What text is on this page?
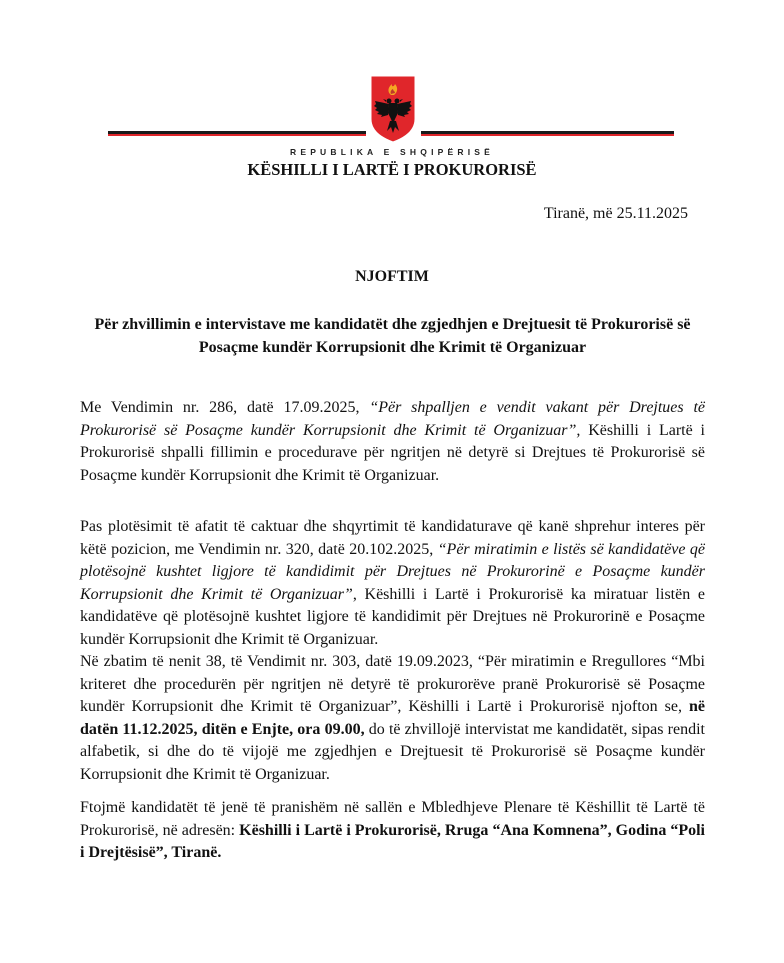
REPUBLIKA E SHQIPËRISË
KËSHILLI I LARTË I PROKURORISË
Tiranë, më 25.11.2025
NJOFTIM
Për zhvillimin e intervistave me kandidatët dhe zgjedhjen e Drejtuesit të Prokurorisë së Posaçme kundër Korrupsionit dhe Krimit të Organizuar

Me Vendimin nr. 286, datë 17.09.2025, “Për shpalljen e vendit vakant për Drejtues të Prokurorisë së Posaçme kundër Korrupsionit dhe Krimit të Organizuar”, Këshilli i Lartë i Prokurorisë shpalli fillimin e procedurave për ngritjen në detyrë si Drejtues të Prokurorisë së Posaçme kundër Korrupsionit dhe Krimit të Organizuar.

Pas plotësimit të afatit të caktuar dhe shqyrtimit të kandidaturave që kanë shprehur interes për këtë pozicion, me Vendimin nr. 320, datë 20.102.2025, “Për miratimin e listës së kandidatëve që plotësojnë kushtet ligjore të kandidimit për Drejtues në Prokurorinë e Posaçme kundër Korrupsionit dhe Krimit të Organizuar”, Këshilli i Lartë i Prokurorisë ka miratuar listën e kandidatëve që plotësojnë kushtet ligjore të kandidimit për Drejtues në Prokurorinë e Posaçme kundër Korrupsionit dhe Krimit të Organizuar.

Në zbatim të nenit 38, të Vendimit nr. 303, datë 19.09.2023, “Për miratimin e Rregullores “Mbi kriteret dhe procedurën për ngritjen në detyrë të prokurorëve pranë Prokurorisë së Posaçme kundër Korrupsionit dhe Krimit të Organizuar”, Këshilli i Lartë i Prokurorisë njofton se, në datën 11.12.2025, ditën e Enjte, ora 09.00, do të zhvillojë intervistat me kandidatët, sipas rendit alfabetik, si dhe do të vijojë me zgjedhjen e Drejtuesit të Prokurorisë së Posaçme kundër Korrupsionit dhe Krimit të Organizuar.

Ftojmë kandidatët të jenë të pranishëm në sallën e Mbledhjeve Plenare të Këshillit të Lartë të Prokurorisë, në adresën: Këshilli i Lartë i Prokurorisë, Rruga “Ana Komnena”, Godina “Poli i Drejtësisë”, Tiranë.
